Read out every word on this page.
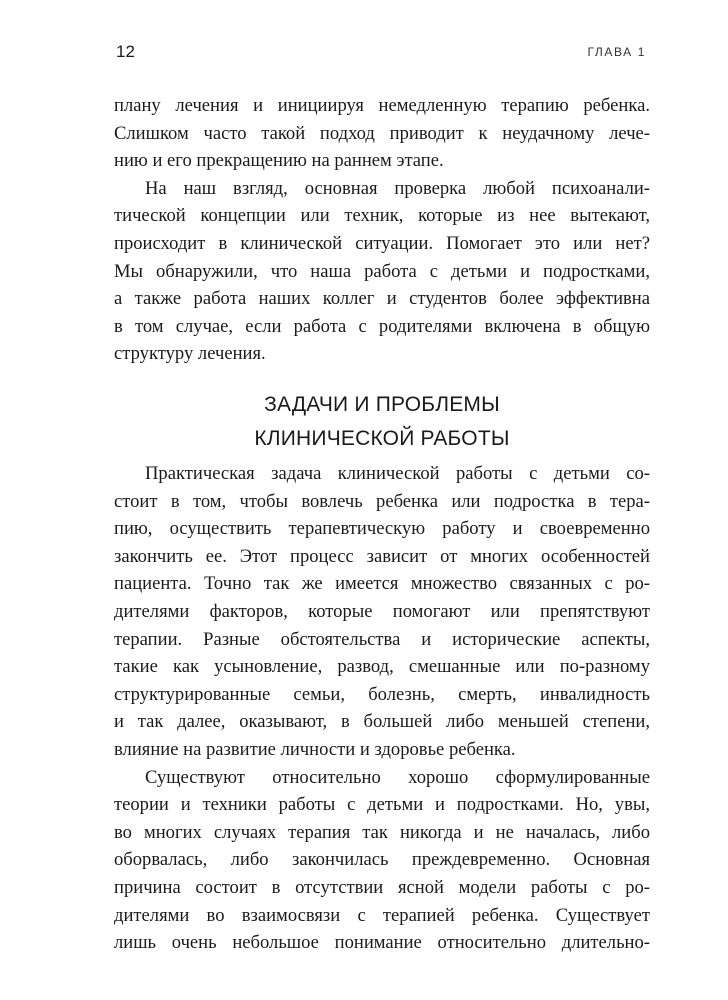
12	ГЛАВА 1
плану лечения и инициируя немедленную терапию ребенка.
Слишком часто такой подход приводит к неудачному лече-
нию и его прекращению на раннем этапе.
На наш взгляд, основная проверка любой психоанали-
тической концепции или техник, которые из нее вытекают,
происходит в клинической ситуации. Помогает это или нет?
Мы обнаружили, что наша работа с детьми и подростками,
а также работа наших коллег и студентов более эффективна
в том случае, если работа с родителями включена в общую
структуру лечения.
ЗАДАЧИ И ПРОБЛЕМЫ
КЛИНИЧЕСКОЙ РАБОТЫ
Практическая задача клинической работы с детьми со-
стоит в том, чтобы вовлечь ребенка или подростка в тера-
пию, осуществить терапевтическую работу и своевременно
закончить ее. Этот процесс зависит от многих особенностей
пациента. Точно так же имеется множество связанных с ро-
дителями факторов, которые помогают или препятствуют
терапии. Разные обстоятельства и исторические аспекты,
такие как усыновление, развод, смешанные или по-разному
структурированные семьи, болезнь, смерть, инвалидность
и так далее, оказывают, в большей либо меньшей степени,
влияние на развитие личности и здоровье ребенка.
Существуют относительно хорошо сформулированные
теории и техники работы с детьми и подростками. Но, увы,
во многих случаях терапия так никогда и не началась, либо
оборвалась, либо закончилась преждевременно. Основная
причина состоит в отсутствии ясной модели работы с ро-
дителями во взаимосвязи с терапией ребенка. Существует
лишь очень небольшое понимание относительно длительно-
